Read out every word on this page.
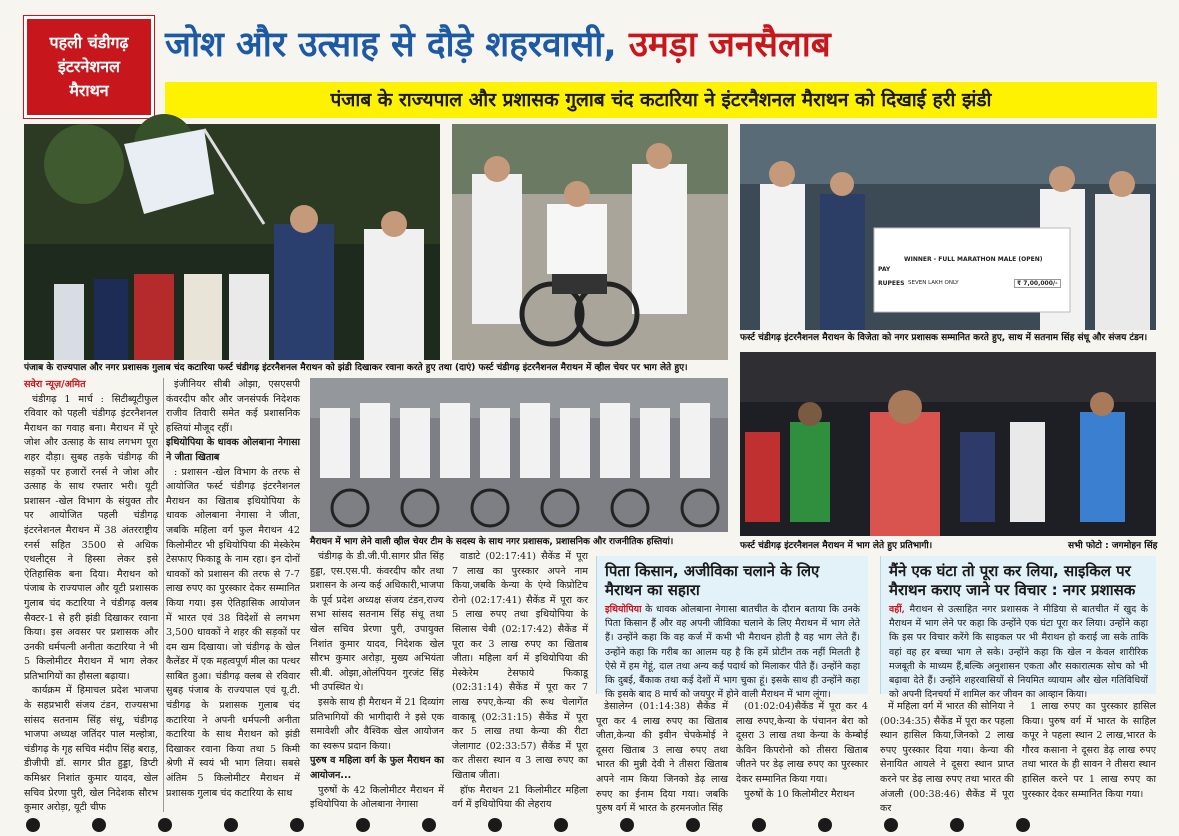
पहली चंडीगढ़
इंटरनेशनल
मैराथन
जोश और उत्साह से दौड़े शहरवासी, उमड़ा जनसैलाब
पंजाब के राज्यपाल और प्रशासक गुलाब चंद कटारिया ने इंटरनैशनल मैराथन को दिखाई हरी झंडी
पंजाब के राज्यपाल और नगर प्रशासक गुलाब चंद कटारिया फर्स्ट चंडीगढ़ इंटरनैशनल मैराथन को झंडी दिखाकर रवाना करते हुए तथा (दाएं) फर्स्ट चंडीगढ़ इंटरनैशनल मैराथन में व्हील चेयर पर भाग लेते हुए।
WINNER - FULL MARATHON MALE (OPEN)
PAY
RUPEES SEVEN LAKH ONLY	₹ 7,00,000/-
फर्स्ट चंडीगढ़ इंटरनैशनल मैराथन के विजेता को नगर प्रशासक सम्मानित करते हुए, साथ में सतनाम सिंह संधू और संजय टंडन।
मैराथन में भाग लेने वाली व्हील चेयर टीम के सदस्य के साथ नगर प्रशासक, प्रशासनिक और राजनीतिक हस्तियां।	फर्स्ट चंडीगढ़ इंटरनैशनल मैराथन में भाग लेते हुए प्रतिभागी।	सभी फोटो : जगमोहन सिंह
सवेरा न्यूज़/अमित

चंडीगढ़ 1 मार्च : सिटीब्यूटीफुल रविवार को पहली चंडीगढ़ इंटरनैशनल मैराथन का गवाह बना। मैराथन में पूरे जोश और उत्साह के साथ लगभग पूरा शहर दौड़ा। सुबह तड़के चंडीगढ़ की सड़कों पर हजारों रनर्स ने जोश और उत्साह के साथ रफ्तार भरी। यूटी प्रशासन -खेल विभाग के संयुक्त तौर पर आयोजित पहली चंडीगढ़ इंटरनेशनल मैराथन में 38 अंतरराष्ट्रीय रनर्स सहित 3500 से अधिक एथलीट्स ने हिस्सा लेकर इसे ऐतिहासिक बना दिया। मैराथन को पंजाब के राज्यपाल और यूटी प्रशासक गुलाब चंद कटारिया ने चंडीगढ़ क्लब सैक्टर-1 से हरी झंडी दिखाकर रवाना किया। इस अवसर पर प्रशासक और उनकी धर्मपत्नी अनीता कटारिया ने भी 5 किलोमीटर मैराथन में भाग लेकर प्रतिभागियों का हौसला बढ़ाया।

कार्यक्रम में हिमाचल प्रदेश भाजपा के सहप्रभारी संजय टंडन, राज्यसभा सांसद सतनाम सिंह संधू, चंडीगढ़ भाजपा अध्यक्ष जतिंदर पाल मल्होत्रा, चंडीगढ़ के गृह सचिव मंदीप सिंह बराड़, डीजीपी डॉ. सागर प्रीत हुड्डा, डिप्टी कमिश्नर निशांत कुमार यादव, खेल सचिव प्रेरणा पुरी, खेल निदेशक सौरभ कुमार अरोड़ा, यूटी चीफ

इंजीनियर सीबी ओझा, एसएसपी कंवरदीप कौर और जनसंपर्क निदेशक राजीव तिवारी समेत कई प्रशासनिक हस्तियां मौजूद रहीं।

इथियोपिया के धावक ओलबाना नेगासा ने जीता खिताब

: प्रशासन -खेल विभाग के तरफ से आयोजित फर्स्ट चंडीगढ़ इंटरनैशनल मैराथन का खिताब इथियोपिया के धावक ओलबाना नेगासा ने जीता, जबकि महिला वर्ग फुल मैराथन 42 किलोमीटर भी इथियोपिया की मेस्केरेम टेसफाए फिकाडू के नाम रहा। इन दोनों धावकों को प्रशासन की तरफ से 7-7 लाख रुपए का पुरस्कार देकर सम्मानित किया गया। इस ऐतिहासिक आयोजन में भारत एवं 38 विदेशों से लगभग 3,500 धावकों ने शहर की सड़कों पर दम खम दिखाया। जो चंडीगढ़ के खेल कैलेंडर में एक महत्वपूर्ण मील का पत्थर साबित हुआ। चंडीगढ़ क्लब से रविवार सुबह पंजाब के राज्यपाल एवं यू.टी. चंडीगढ़ के प्रशासक गुलाब चंद कटारिया ने अपनी धर्मपत्नी अनीता कटारिया के साथ मैराथन को झंडी दिखाकर रवाना किया तथा 5 किमी श्रेणी में स्वयं भी भाग लिया। सबसे अंतिम 5 किलोमीटर मैराथन में प्रशासक गुलाब चंद कटारिया के साथ

चंडीगढ़ के डी.जी.पी.सागर प्रीत सिंह हुड्डा, एस.एस.पी. कंवरदीप कौर तथा प्रशासन के अन्य कई अधिकारी,भाजपा के पूर्व प्रदेश अध्यक्ष संजय टंडन,राज्य सभा सांसद सतनाम सिंह संधू तथा खेल सचिव प्रेरणा पुरी, उपायुक्त निशांत कुमार यादव, निदेशक खेल सौरभ कुमार अरोड़ा, मुख्य अभियंता सी.बी. ओझा,ओलंपियन गुरजंट सिंह भी उपस्थित थे।

इसके साथ ही मैराथन में 21 दिव्यांग प्रतिभागियों की भागीदारी ने इसे एक समावेशी और वैश्विक खेल आयोजन का स्वरूप प्रदान किया।

पुरुष व महिला वर्ग के फुल मैराथन का आयोजन...

पुरुषों के 42 किलोमीटर मैराथन में इथियोपिया के ओलबाना नेगासा

वाडाटे (02:17:41) सैकेंड में पूरा 7 लाख का पुरस्कार अपने नाम किया,जबकि केन्या के एंग्वे किप्रोटिच रोनो (02:17:41) सैकेंड में पूरा कर 5 लाख रुपए तथा इथियोपिया के सिलास चेबी (02:17:42) सैकेंड में पूरा कर 3 लाख रुपए का खिताब जीता। महिला वर्ग में इथियोपिया की मेस्केरेम टेसफाये फिकाडू (02:31:14) सैकेंड में पूरा कर 7 लाख रुपए,केन्या की रूथ चेलागेंत वाकाबू (02:31:15) सैकेंड में पूरा कर 5 लाख तथा केन्या की रीटा जेलागाट (02:33:57) सैकेंड में पूरा कर तीसरा स्थान व 3 लाख रुपए का खिताब जीता।

हॉफ मैराथन 21 किलोमीटर महिला वर्ग में इथियोपिया की लेहराय

पिता किसान, अजीविका चलाने के लिए मैराथन का सहारा
इथियोपिया के धावक ओलबाना नेगासा बातचीत के दौरान बताया कि उनके पिता किसान हैं और वह अपनी जीविका चलाने के लिए मैराथन में भाग लेते हैं। उन्होंने कहा कि वह कर्ज में कभी भी मैराथन होती है वह भाग लेते हैं। उन्होंने कहा कि गरीब का आलम यह है कि हमें प्रोटीन तक नहीं मिलती है ऐसे में हम गेहूं, दाल तथा अन्य कई पदार्थ को मिलाकर पीते हैं। उन्होंने कहा कि दुबई, बैंकाक तथा कई देशों में भाग चुका हूं। इसके साथ ही उन्होंने कहा कि इसके बाद 8 मार्च को जयपुर में होने वाली मैराथन में भाग लूंगा।
मैंने एक घंटा तो पूरा कर लिया, साइकिल पर मैराथन कराए जाने पर विचार : नगर प्रशासक
वहीं, मैराथन से उत्साहित नगर प्रशासक ने मीडिया से बातचीत में खुद के मैराथन में भाग लेने पर कहा कि उन्होंने एक घंटा पूरा कर लिया। उन्होंने कहा कि इस पर विचार करेंगे कि साइकल पर भी मैराथन हो कराई जा सके ताकि वहां वह हर बच्चा भाग ले सके। उन्होंने कहा कि खेल न केवल शारीरिक मजबूती के माध्यम हैं,बल्कि अनुशासन एकता और सकारात्मक सोच को भी बढ़ावा देते हैं। उन्होंने शहरवासियों से नियमित व्यायाम और खेल गतिविधियों को अपनी दिनचर्या में शामिल कर जीवन का आव्हान किया।

डेसालेग्न (01:14:38) सैकेंड में पूरा कर 4 लाख रुपए का खिताब जीता,केन्या की इवीन चेपकेमोई ने दूसरा खिताब 3 लाख रुपए तथा भारत की मुन्नी देवी ने तीसरा खिताब अपने नाम किया जिनको डेढ़ लाख रुपए का ईनाम दिया गया। जबकि पुरुष वर्ग में भारत के हरमनजोत सिंह

(01:02:04)सैकेंड में पूरा कर 4 लाख रुपए,केन्या के पंचानन बेरा को दूसरा 3 लाख तथा केन्या के केम्बोई केविन किपरोनो को तीसरा खिताब जीतने पर डेढ़ लाख रुपए का पुरस्कार देकर सम्मानित किया गया।

पुरुषों के 10 किलोमीटर मैराथन

में महिला वर्ग में भारत की सोनिया ने (00:34:35) सैकेंड में पूरा कर पहला स्थान हासिल किया,जिनको 2 लाख रुपए पुरस्कार दिया गया। केन्या की सेनायित आयले ने दूसरा स्थान प्राप्त करने पर डेढ़ लाख रुपए तथा भारत की अंजली (00:38:46) सैकेंड में पूरा कर

1 लाख रुपए का पुरस्कार हासिल किया। पुरुष वर्ग में भारत के साहिल कपूर ने पहला स्थान 2 लाख,भारत के गौरव कसाना ने दूसरा डेढ़ लाख रुपए तथा भारत के ही सावन ने तीसरा स्थान हासिल करने पर 1 लाख रुपए का पुरस्कार देकर सम्मानित किया गया।
